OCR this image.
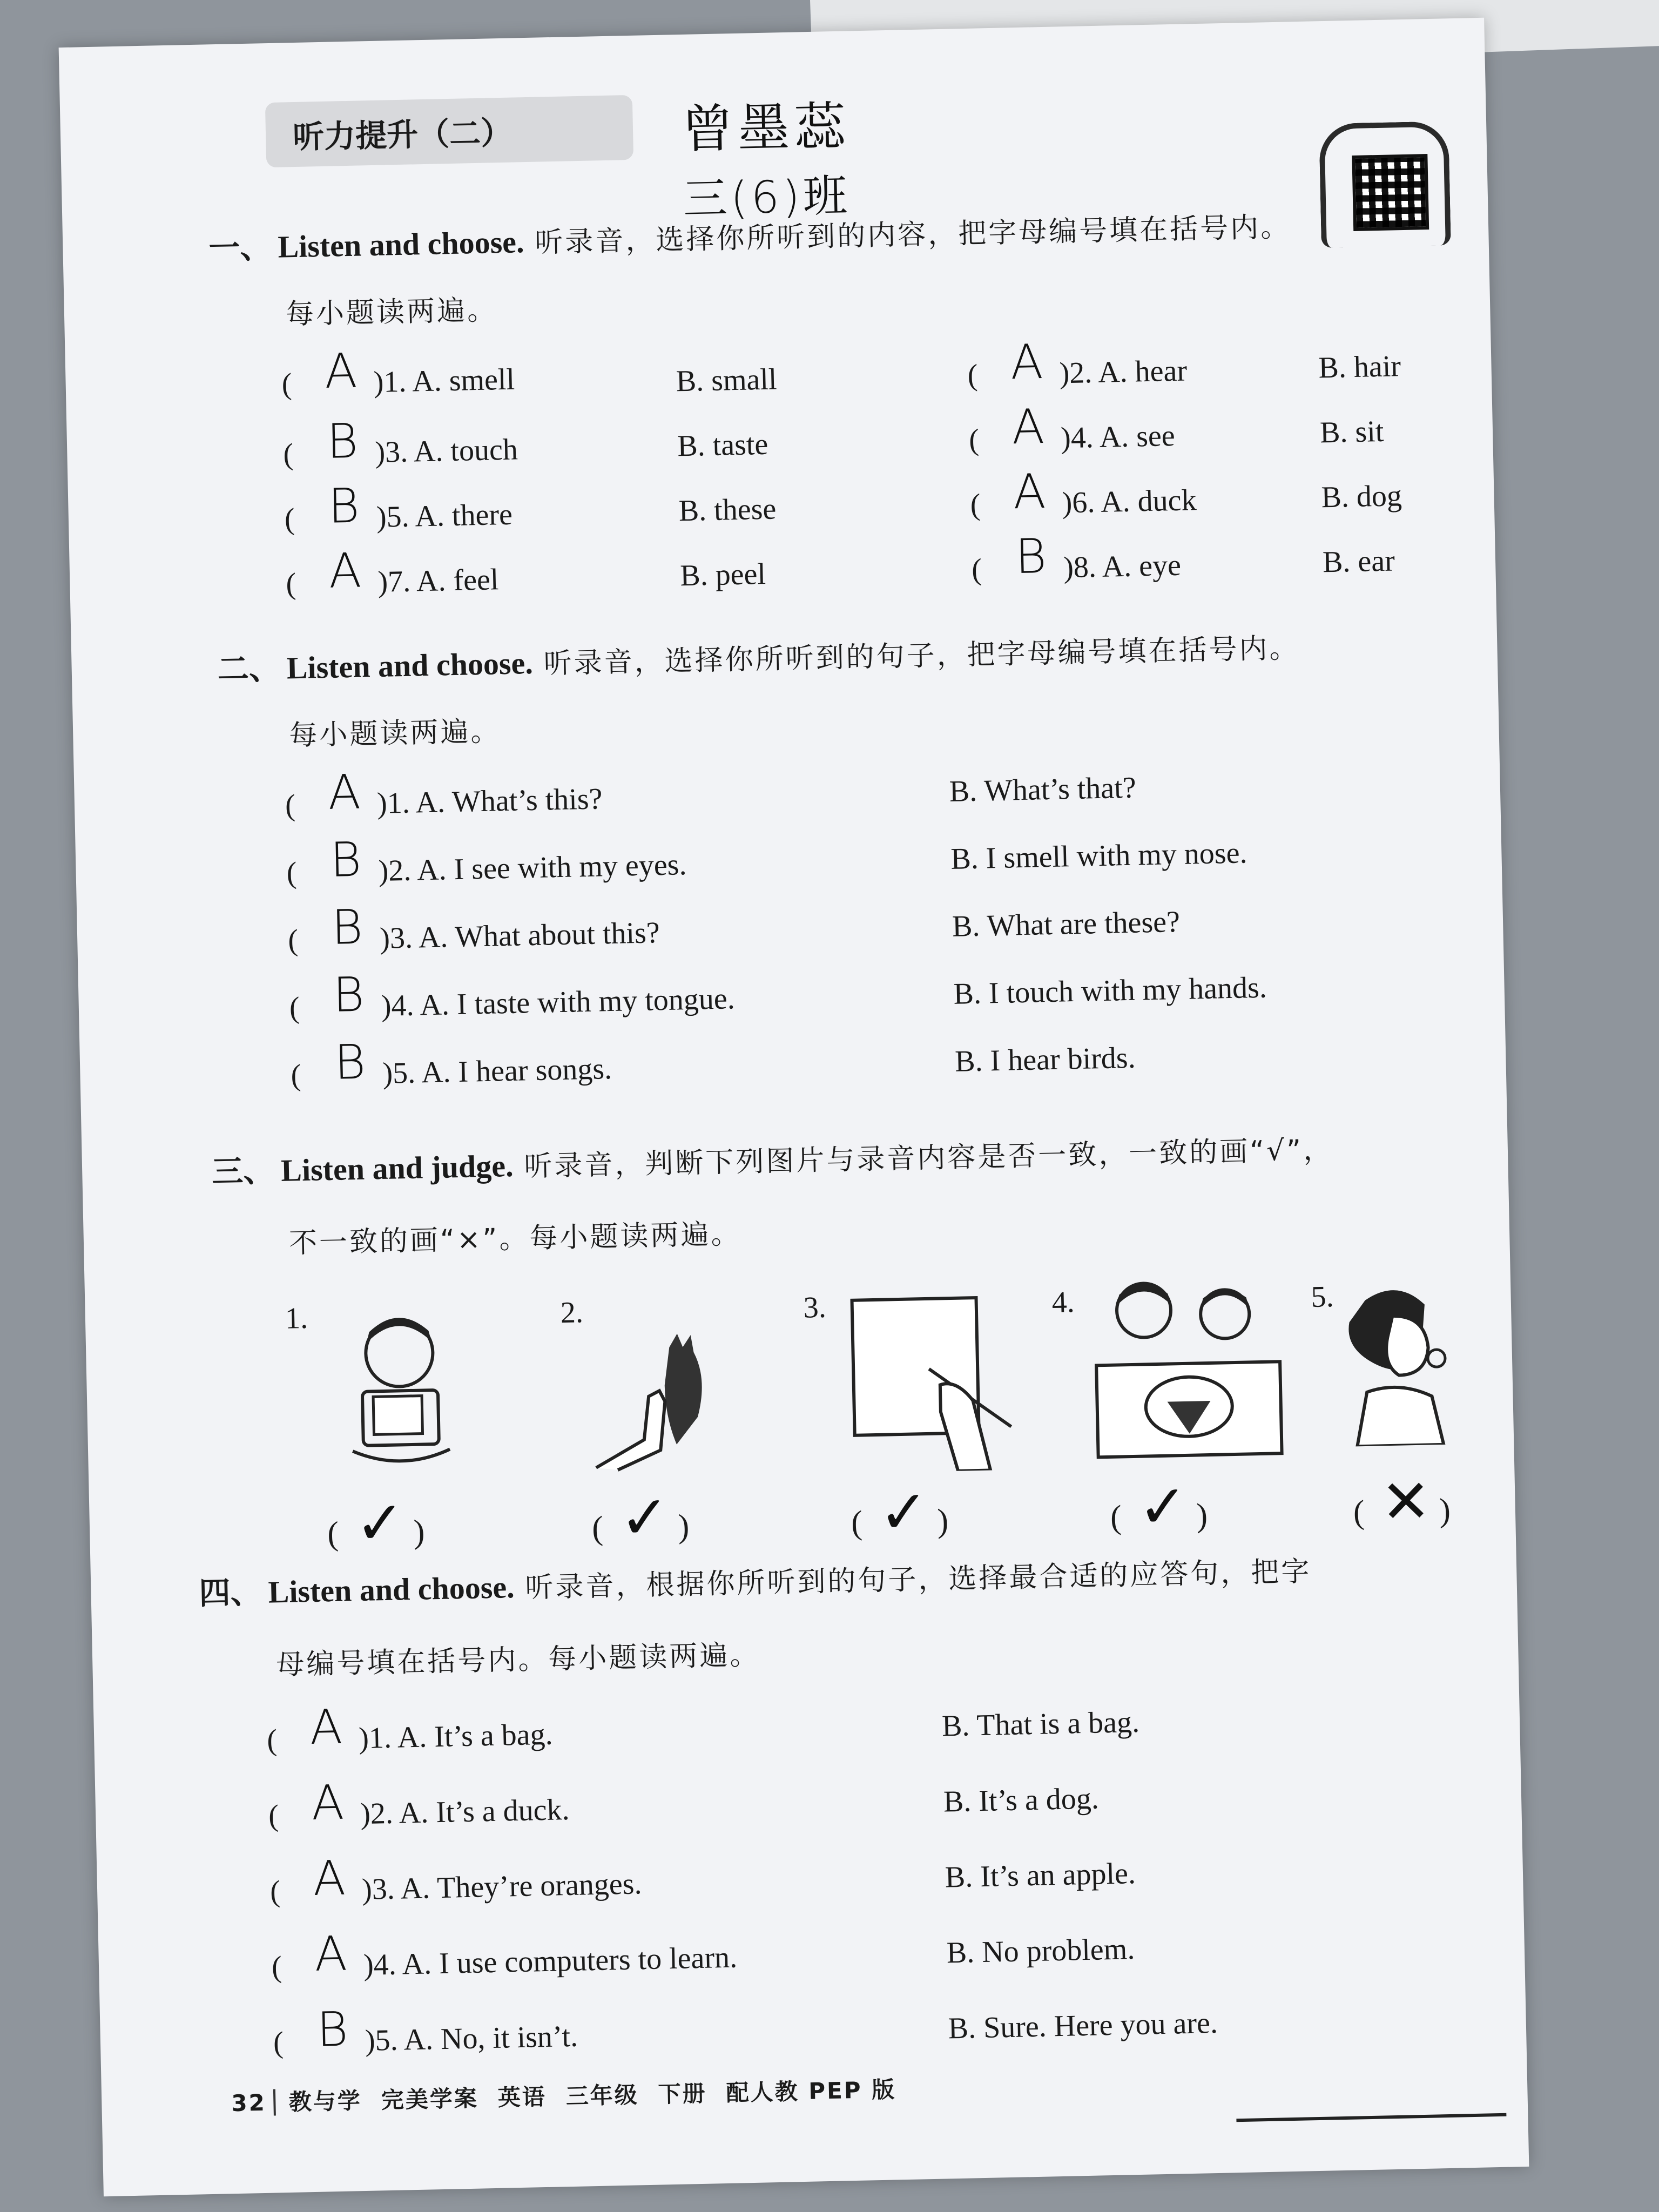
听力提升（二）	曾墨蕊
三(6)班
一、 Listen and choose. 听录音，选择你所听到的内容，把字母编号填在括号内。
每小题读两遍。
( A )1. A. smell	B. small	( A )2. A. hear	B. hair
( B )3. A. touch	B. taste	( A )4. A. see	B. sit
( B )5. A. there	B. these	( A )6. A. duck	B. dog
( A )7. A. feel	B. peel	( B )8. A. eye	B. ear
二、 Listen and choose. 听录音，选择你所听到的句子，把字母编号填在括号内。
每小题读两遍。
( A )1. A. What’s this?	B. What’s that?
( B )2. A. I see with my eyes.	B. I smell with my nose.
( B )3. A. What about this?	B. What are these?
( B )4. A. I taste with my tongue.	B. I touch with my hands.
( B )5. A. I hear songs.	B. I hear birds.
三、 Listen and judge. 听录音，判断下列图片与录音内容是否一致，一致的画“√”，
不一致的画“×”。每小题读两遍。
1.
(  ✓ )
2.
(  ✓ )
3.
(  ✓ )
4.
(  ✓ )
5.
(  ✕ )
四、 Listen and choose. 听录音，根据你所听到的句子，选择最合适的应答句，把字
母编号填在括号内。每小题读两遍。
( A )1. A. It’s a bag.	B. That is a bag.
( A )2. A. It’s a duck.	B. It’s a dog.
( A )3. A. They’re oranges.	B. It’s an apple.
( A )4. A. I use computers to learn.	B. No problem.
( B )5. A. No, it isn’t.	B. Sure. Here you are.
32 教与学 完美学案 英语 三年级 下册 配人教 PEP 版
